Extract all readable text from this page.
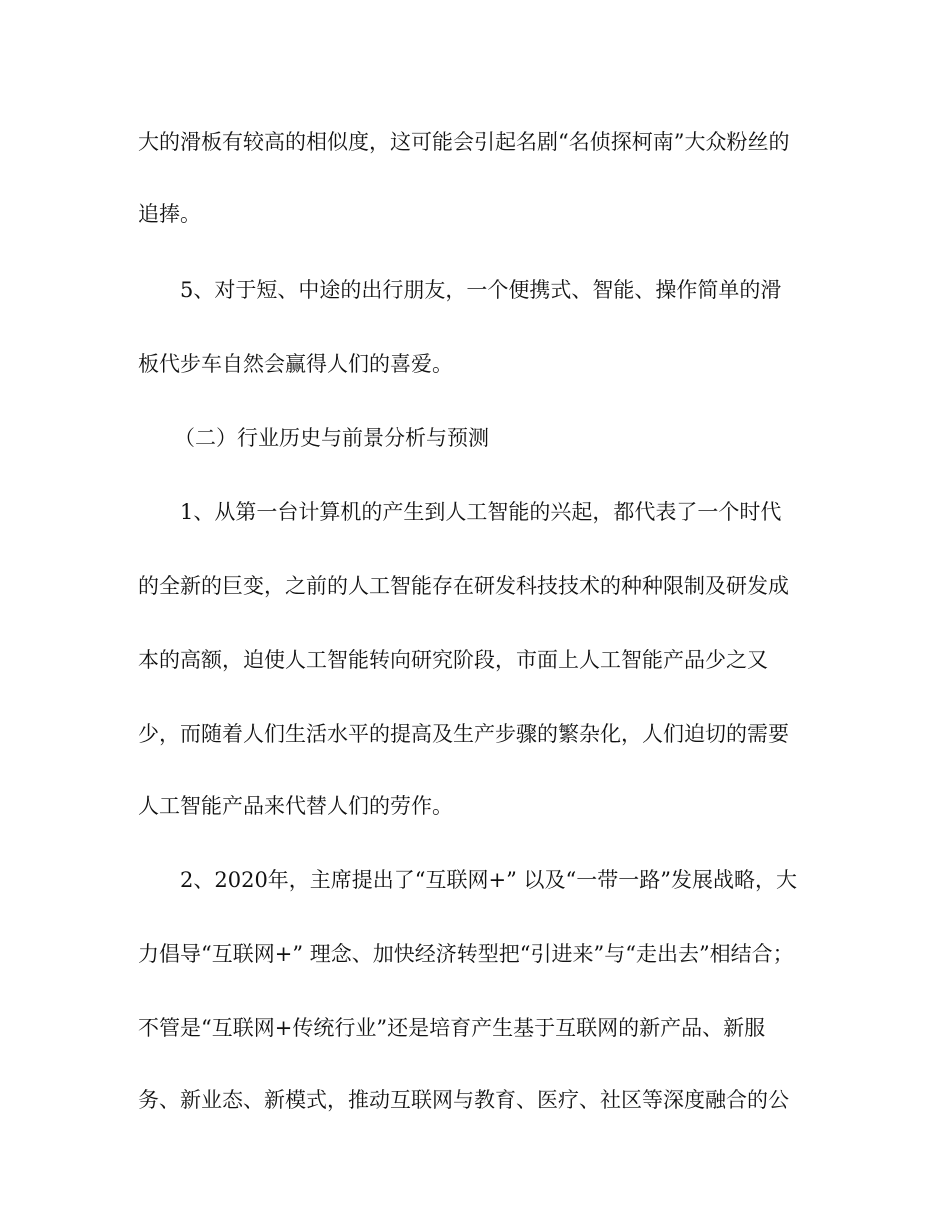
大的滑板有较高的相似度，这可能会引起名剧“名侦探柯南”大众粉丝的

追捧。

5、对于短、中途的出行朋友，一个便携式、智能、操作简单的滑

板代步车自然会赢得人们的喜爱。

（二）行业历史与前景分析与预测

1、从第一台计算机的产生到人工智能的兴起，都代表了一个时代

的全新的巨变，之前的人工智能存在研发科技技术的种种限制及研发成

本的高额，迫使人工智能转向研究阶段，市面上人工智能产品少之又

少，而随着人们生活水平的提高及生产步骤的繁杂化，人们迫切的需要

人工智能产品来代替人们的劳作。

2、2020年，主席提出了“互联网+” 以及“一带一路”发展战略，大

力倡导“互联网+” 理念、加快经济转型把“引进来”与“走出去”相结合；

不管是“互联网+传统行业”还是培育产生基于互联网的新产品、新服

务、新业态、新模式，推动互联网与教育、医疗、社区等深度融合的公
